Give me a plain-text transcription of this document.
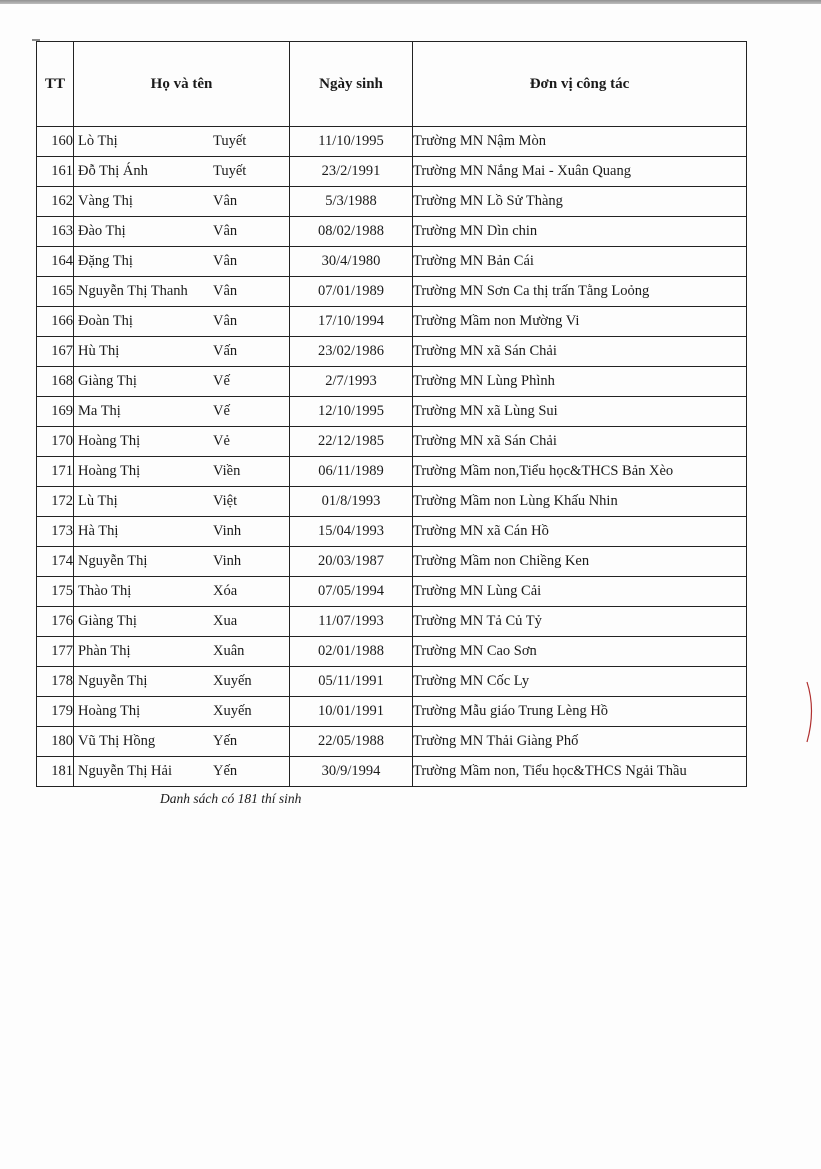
TT	Họ và tên	Ngày sinh	Đơn vị công tác
160	Lò Thị Tuyết	11/10/1995	Trường MN Nậm Mòn
161	Đỗ Thị Ánh Tuyết	23/2/1991	Trường MN Nắng Mai - Xuân Quang
162	Vàng Thị Vân	5/3/1988	Trường MN Lồ Sử Thàng
163	Đào Thị Vân	08/02/1988	Trường MN Dìn chin
164	Đặng Thị Vân	30/4/1980	Trường MN Bản Cái
165	Nguyễn Thị Thanh Vân	07/01/1989	Trường MN Sơn Ca thị trấn Tằng Loỏng
166	Đoàn Thị Vân	17/10/1994	Trường Mầm non Mường Vi
167	Hù Thị Vấn	23/02/1986	Trường MN xã Sán Chải
168	Giàng Thị Vế	2/7/1993	Trường MN Lùng Phình
169	Ma Thị Vế	12/10/1995	Trường MN xã Lùng Sui
170	Hoàng Thị Vẻ	22/12/1985	Trường MN xã Sán Chải
171	Hoàng Thị Viền	06/11/1989	Trường Mầm non,Tiểu học&THCS Bản Xèo
172	Lù Thị Việt	01/8/1993	Trường Mầm non Lùng Khấu Nhin
173	Hà Thị Vinh	15/04/1993	Trường MN xã Cán Hồ
174	Nguyễn Thị Vinh	20/03/1987	Trường Mầm non Chiềng Ken
175	Thào Thị Xóa	07/05/1994	Trường MN Lùng Cải
176	Giàng Thị Xua	11/07/1993	Trường MN Tả Củ Tỷ
177	Phàn Thị Xuân	02/01/1988	Trường MN Cao Sơn
178	Nguyễn Thị Xuyến	05/11/1991	Trường MN Cốc Ly
179	Hoàng Thị Xuyến	10/01/1991	Trường Mẫu giáo Trung Lèng Hồ
180	Vũ Thị Hồng Yến	22/05/1988	Trường MN Thải Giàng Phố
181	Nguyễn Thị Hải Yến	30/9/1994	Trường Mầm non, Tiểu học&THCS Ngải Thầu
Danh sách có 181 thí sinh
